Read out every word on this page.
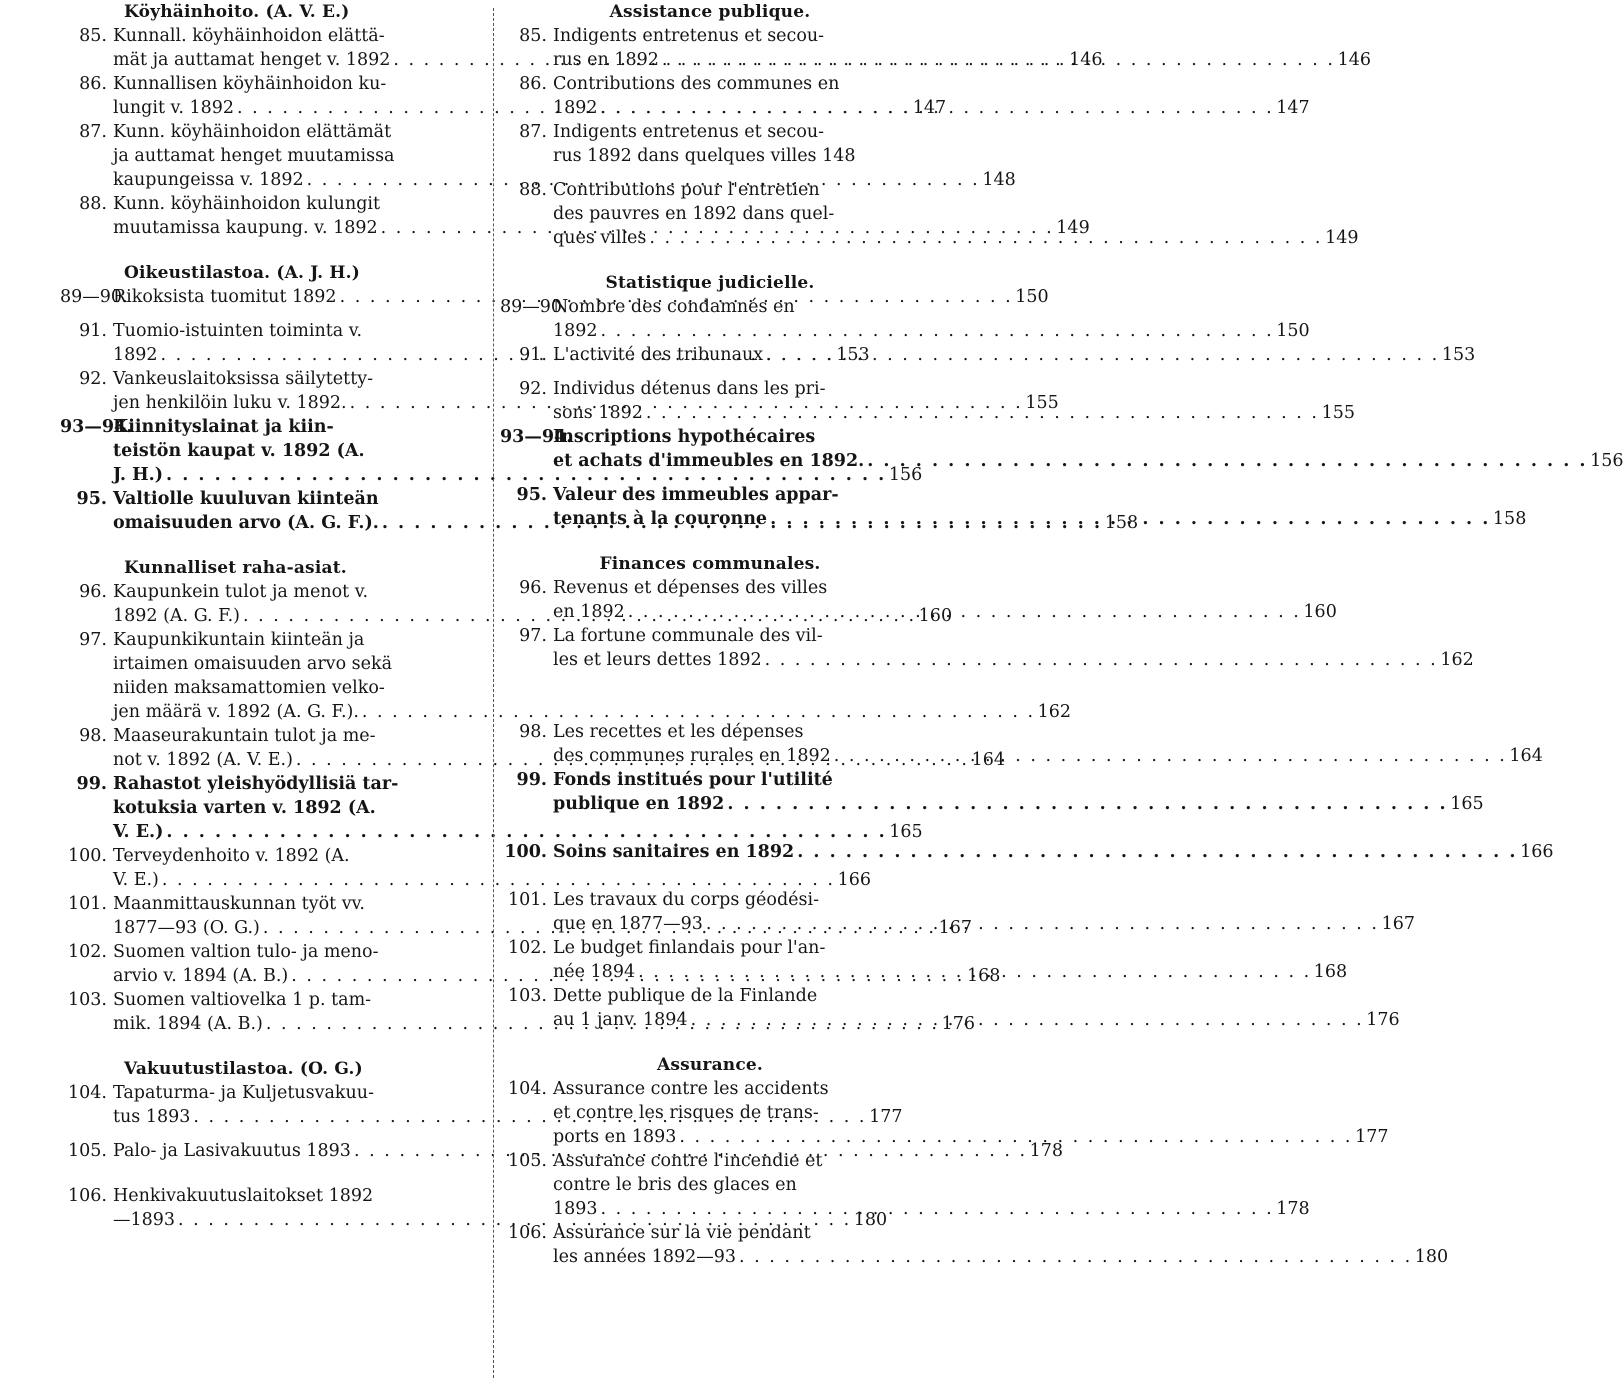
Köyhäinhoito. (A. V. E.)
85. Kunnall. köyhäinhoidon elättä-
mät ja auttamat henget v. 1892 . . .	146
86. Kunnallisen köyhäinhoidon ku-
lungit v. 1892 . . .	147
87. Kunn. köyhäinhoidon elättämät
ja auttamat henget muutamissa
kaupungeissa v. 1892 . . .	148
88. Kunn. köyhäinhoidon kulungit
muutamissa kaupung. v. 1892 . . .	149
Oikeustilastoa. (A. J. H.)
89—90.
Rikoksista tuomitut 1892 . . .	150
91. Tuomio-istuinten toiminta v.
1892 . . .	153
92. Vankeuslaitoksissa säilytetty-
jen henkilöin luku v. 1892. . . .	155
93—94.
Kiinnityslainat ja kiin-
teistön kaupat v. 1892 (A.
J. H.) . . .	156
95. Valtiolle kuuluvan kiinteän
omaisuuden arvo (A. G. F.). . . .	158
Kunnalliset raha-asiat.
96. Kaupunkein tulot ja menot v.
1892 (A. G. F.) . . .	160
97. Kaupunkikuntain kiinteän ja
irtaimen omaisuuden arvo sekä
niiden maksamattomien velko-
jen määrä v. 1892 (A. G. F.). . . .	162
98. Maaseurakuntain tulot ja me-
not v. 1892 (A. V. E.) . . .	164
99. Rahastot yleishyödyllisiä tar-
kotuksia varten v. 1892 (A.
V. E.) . . .	165
100. Terveydenhoito v. 1892 (A.
V. E.) . . .	166
101. Maanmittauskunnan työt vv.
1877—93 (O. G.) . . .	167
102. Suomen valtion tulo- ja meno-
arvio v. 1894 (A. B.) . . .	168
103. Suomen valtiovelka 1 p. tam-
mik. 1894 (A. B.) . . .	176
Vakuutustilastoa. (O. G.)
104. Tapaturma- ja Kuljetusvakuu-
tus 1893 . . .	177
105. Palo- ja Lasivakuutus 1893 . . .	178
106. Henkivakuutuslaitokset 1892
—1893 . . .	180
Assistance publique.
85. Indigents entretenus et secou-
rus en 1892 . . .	146
86. Contributions des communes en
1892 . . .	147
87. Indigents entretenus et secou-
rus 1892 dans quelques villes 148
88. Contributions pour l'entretien
des pauvres en 1892 dans quel-
ques villes . . .	149
Statistique judicielle.
89—90.
Nombre des condamnés en
1892 . . .	150
91. L'activité des tribunaux . . .	153
92. Individus détenus dans les pri-
sons 1892 . . .	155
93—94.
Inscriptions hypothécaires
et achats d'immeubles en 1892. . . .	156
95. Valeur des immeubles appar-
tenants à la couronne . . .	158
Finances communales.
96. Revenus et dépenses des villes
en 1892 . . .	160
97. La fortune communale des vil-
les et leurs dettes 1892 . . .	162
98. Les recettes et les dépenses
des communes rurales en 1892 . . .	164
99. Fonds institués pour l'utilité
publique en 1892 . . .	165
100. Soins sanitaires en 1892 . . .	166
101. Les travaux du corps géodési-
que en 1877—93 . . .	167
102. Le budget finlandais pour l'an-
née 1894 . . .	168
103. Dette publique de la Finlande
au 1 janv. 1894 . . .	176
Assurance.
104. Assurance contre les accidents
et contre les risques de trans-
ports en 1893 . . .	177
105. Assurance contre l'incendie et
contre le bris des glaces en
1893 . . .	178
106. Assurance sur la vie pendant
les années 1892—93 . . .	180
